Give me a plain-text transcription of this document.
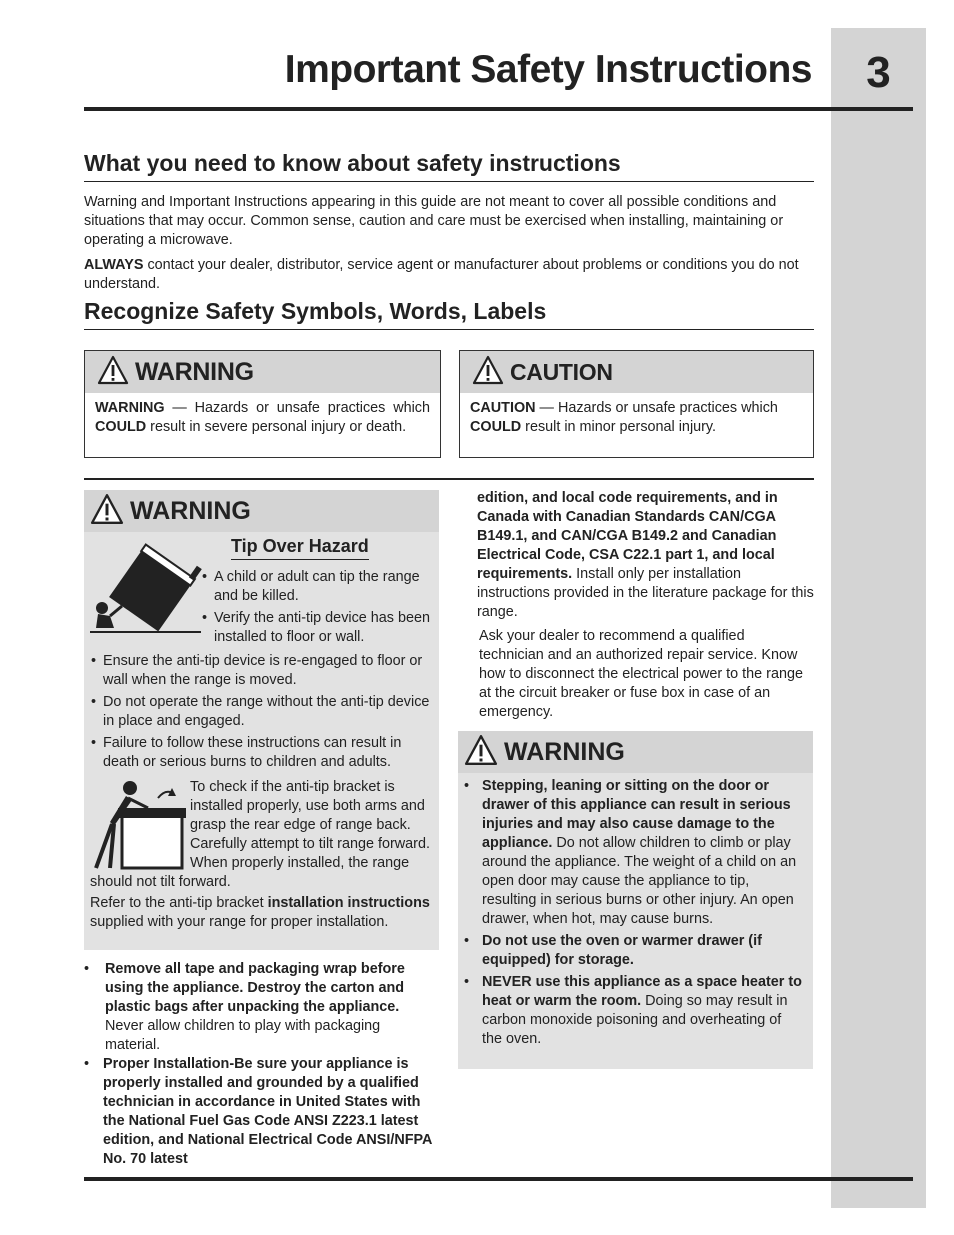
3
Important Safety Instructions
What you need to know about safety instructions
Warning and Important Instructions appearing in this guide are not meant to cover all possible conditions and situations that may occur. Common sense, caution and care must be exercised when installing, maintaining or operating a microwave.
ALWAYS contact your dealer, distributor, service agent or manufacturer about problems or conditions you do not understand.
Recognize Safety Symbols, Words, Labels
WARNING
WARNING — Hazards or unsafe practices which COULD result in severe personal injury or death.
CAUTION
CAUTION — Hazards or unsafe practices which
COULD result in minor personal injury.
WARNING
Tip Over Hazard
• A child or adult can tip the range and be killed.
• Verify the anti-tip device has been installed to floor or wall.
• Ensure the anti-tip device is re-engaged to floor or wall when the range is moved.
• Do not operate the range without the anti-tip device in place and engaged.
• Failure to follow these instructions can result in death or serious burns to children and adults.
To check if the anti-tip bracket is installed properly, use both arms and grasp the rear edge of range back. Carefully attempt to tilt range forward. When properly installed, the range should not tilt forward.
Refer to the anti-tip bracket installation instructions supplied with your range for proper installation.
• Remove all tape and packaging wrap before using the appliance. Destroy the carton and plastic bags after unpacking the appliance. Never allow children to play with packaging material.
• Proper Installation-Be sure your appliance is properly installed and grounded by a qualified technician in accordance in United States with the National Fuel Gas Code ANSI Z223.1 latest edition, and National Electrical Code ANSI/NFPA No. 70 latest
edition, and local code requirements, and in Canada with Canadian Standards CAN/CGA B149.1, and CAN/CGA B149.2 and Canadian Electrical Code, CSA C22.1 part 1, and local requirements. Install only per installation instructions provided in the literature package for this range.
Ask your dealer to recommend a qualified technician and an authorized repair service. Know how to disconnect the electrical power to the range at the circuit breaker or fuse box in case of an emergency.
WARNING
• Stepping, leaning or sitting on the door or drawer of this appliance can result in serious injuries and may also cause damage to the appliance. Do not allow children to climb or play around the appliance. The weight of a child on an open door may cause the appliance to tip, resulting in serious burns or other injury. An open drawer, when hot, may cause burns.
• Do not use the oven or warmer drawer (if equipped) for storage.
• NEVER use this appliance as a space heater to heat or warm the room. Doing so may result in carbon monoxide poisoning and overheating of the oven.
